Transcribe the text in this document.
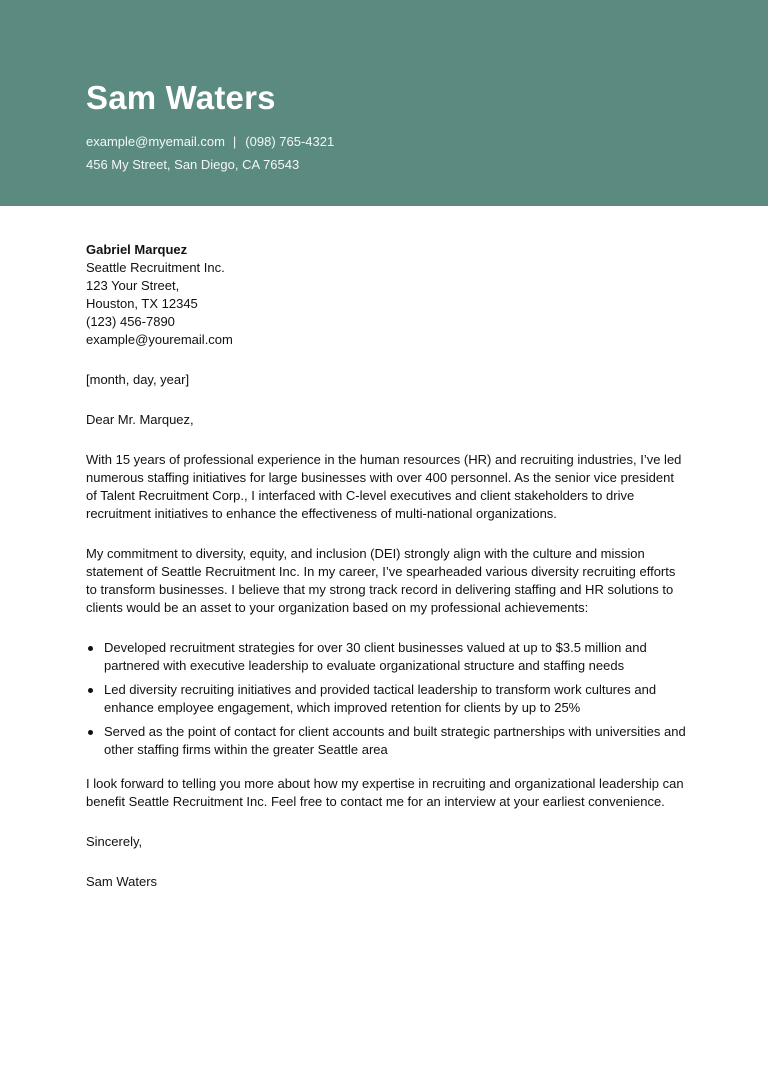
Sam Waters
example@myemail.com | (098) 765-4321
456 My Street, San Diego, CA 76543
Gabriel Marquez
Seattle Recruitment Inc.
123 Your Street,
Houston, TX 12345
(123) 456-7890
example@youremail.com

[month, day, year]

Dear Mr. Marquez,

With 15 years of professional experience in the human resources (HR) and recruiting industries, I’ve led numerous staffing initiatives for large businesses with over 400 personnel. As the senior vice president of Talent Recruitment Corp., I interfaced with C-level executives and client stakeholders to drive recruitment initiatives to enhance the effectiveness of multi-national organizations.

My commitment to diversity, equity, and inclusion (DEI) strongly align with the culture and mission statement of Seattle Recruitment Inc. In my career, I’ve spearheaded various diversity recruiting efforts to transform businesses. I believe that my strong track record in delivering staffing and HR solutions to clients would be an asset to your organization based on my professional achievements:

Developed recruitment strategies for over 30 client businesses valued at up to $3.5 million and partnered with executive leadership to evaluate organizational structure and staffing needs
Led diversity recruiting initiatives and provided tactical leadership to transform work cultures and enhance employee engagement, which improved retention for clients by up to 25%
Served as the point of contact for client accounts and built strategic partnerships with universities and other staffing firms within the greater Seattle area

I look forward to telling you more about how my expertise in recruiting and organizational leadership can benefit Seattle Recruitment Inc. Feel free to contact me for an interview at your earliest convenience.

Sincerely,

Sam Waters
